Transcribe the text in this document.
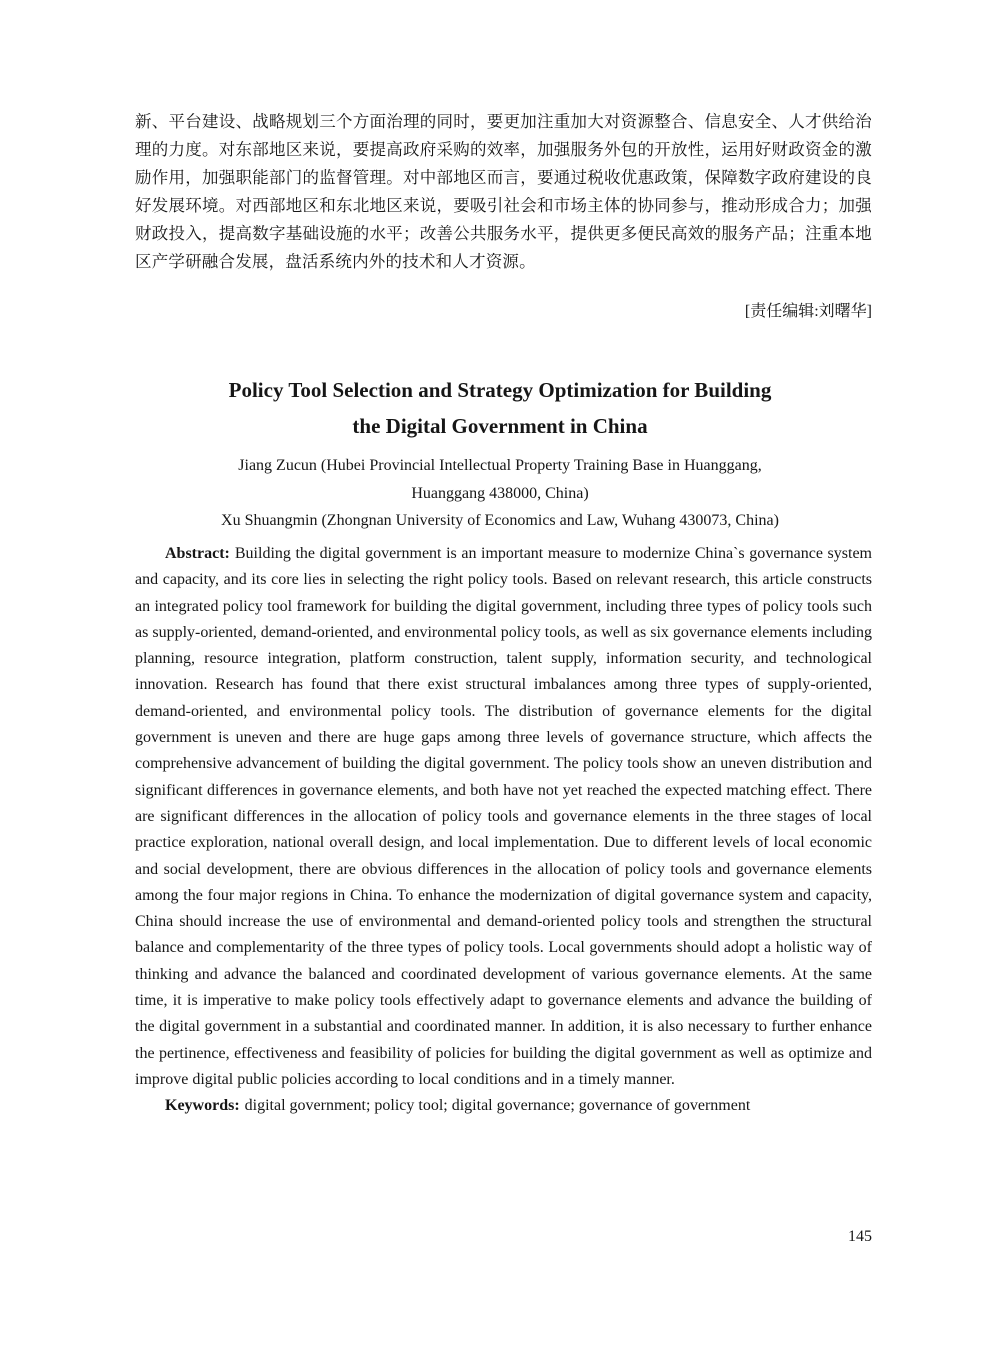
新、平台建设、战略规划三个方面治理的同时，要更加注重加大对资源整合、信息安全、人才供给治理的力度。对东部地区来说，要提高政府采购的效率，加强服务外包的开放性，运用好财政资金的激励作用，加强职能部门的监督管理。对中部地区而言，要通过税收优惠政策，保障数字政府建设的良好发展环境。对西部地区和东北地区来说，要吸引社会和市场主体的协同参与，推动形成合力；加强财政投入，提高数字基础设施的水平；改善公共服务水平，提供更多便民高效的服务产品；注重本地区产学研融合发展，盘活系统内外的技术和人才资源。

[责任编辑:刘曙华]
Policy Tool Selection and Strategy Optimization for Building
the Digital Government in China
Jiang Zucun (Hubei Provincial Intellectual Property Training Base in Huanggang,
Huanggang 438000, China)
Xu Shuangmin (Zhongnan University of Economics and Law, Wuhang 430073, China)

Abstract: Building the digital government is an important measure to modernize China`s governance system and capacity, and its core lies in selecting the right policy tools. Based on relevant research, this article constructs an integrated policy tool framework for building the digital government, including three types of policy tools such as supply-oriented, demand-oriented, and environmental policy tools, as well as six governance elements including planning, resource integration, platform construction, talent supply, information security, and technological innovation. Research has found that there exist structural imbalances among three types of supply-oriented, demand-oriented, and environmental policy tools. The distribution of governance elements for the digital government is uneven and there are huge gaps among three levels of governance structure, which affects the comprehensive advancement of building the digital government. The policy tools show an uneven distribution and significant differences in governance elements, and both have not yet reached the expected matching effect. There are significant differences in the allocation of policy tools and governance elements in the three stages of local practice exploration, national overall design, and local implementation. Due to different levels of local economic and social development, there are obvious differences in the allocation of policy tools and governance elements among the four major regions in China. To enhance the modernization of digital governance system and capacity, China should increase the use of environmental and demand-oriented policy tools and strengthen the structural balance and complementarity of the three types of policy tools. Local governments should adopt a holistic way of thinking and advance the balanced and coordinated development of various governance elements. At the same time, it is imperative to make policy tools effectively adapt to governance elements and advance the building of the digital government in a substantial and coordinated manner. In addition, it is also necessary to further enhance the pertinence, effectiveness and feasibility of policies for building the digital government as well as optimize and improve digital public policies according to local conditions and in a timely manner.

Keywords: digital government; policy tool; digital governance; governance of government

145
